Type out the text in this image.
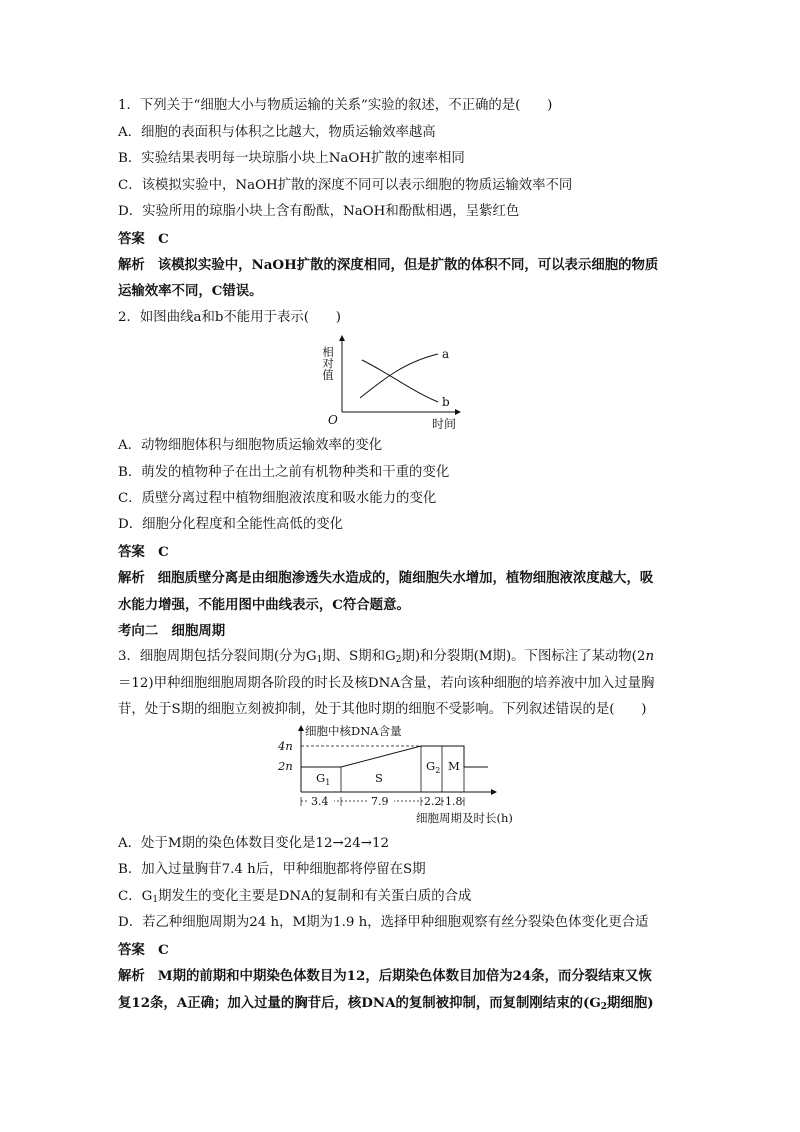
1．下列关于“细胞大小与物质运输的关系”实验的叙述，不正确的是(　　)
A．细胞的表面积与体积之比越大，物质运输效率越高
B．实验结果表明每一块琼脂小块上NaOH扩散的速率相同
C．该模拟实验中，NaOH扩散的深度不同可以表示细胞的物质运输效率不同
D．实验所用的琼脂小块上含有酚酞，NaOH和酚酞相遇，呈紫红色
答案　C
解析 该模拟实验中，NaOH扩散的深度相同，但是扩散的体积不同，可以表示细胞的物质
运输效率不同，C错误。
2．如图曲线a和b不能用于表示(　　)
相对值
O
a
b
时间
A．动物细胞体积与细胞物质运输效率的变化
B．萌发的植物种子在出土之前有机物种类和干重的变化
C．质壁分离过程中植物细胞液浓度和吸水能力的变化
D．细胞分化程度和全能性高低的变化
答案　C
解析 细胞质壁分离是由细胞渗透失水造成的，随细胞失水增加，植物细胞液浓度越大，吸
水能力增强，不能用图中曲线表示，C符合题意。
考向二　细胞周期
3．细胞周期包括分裂间期(分为$G_1$期、S期和$G_2$期)和分裂期(M期)。下图标注了某动物(2n
＝12)甲种细胞细胞周期各阶段的时长及核DNA含量，若向该种细胞的培养液中加入过量胸
苷，处于S期的细胞立刻被抑制，处于其他时期的细胞不受影响。下列叙述错误的是(　　)
细胞中核DNA含量
4n
2n
$G_1$	S
$G_2$ M
3.4	7.9	2.2 1.8
细胞周期及时长(h)
A．处于M期的染色体数目变化是12→24→12
B．加入过量胸苷7.4 h后，甲种细胞都将停留在S期
C．$G_1$期发生的变化主要是DNA的复制和有关蛋白质的合成
D．若乙种细胞周期为24 h，M期为1.9 h，选择甲种细胞观察有丝分裂染色体变化更合适
答案　C
解析 M期的前期和中期染色体数目为12，后期染色体数目加倍为24条，而分裂结束又恢
复12条，A正确；加入过量的胸苷后，核DNA的复制被抑制，而复制刚结束的($G_2$期细胞)
